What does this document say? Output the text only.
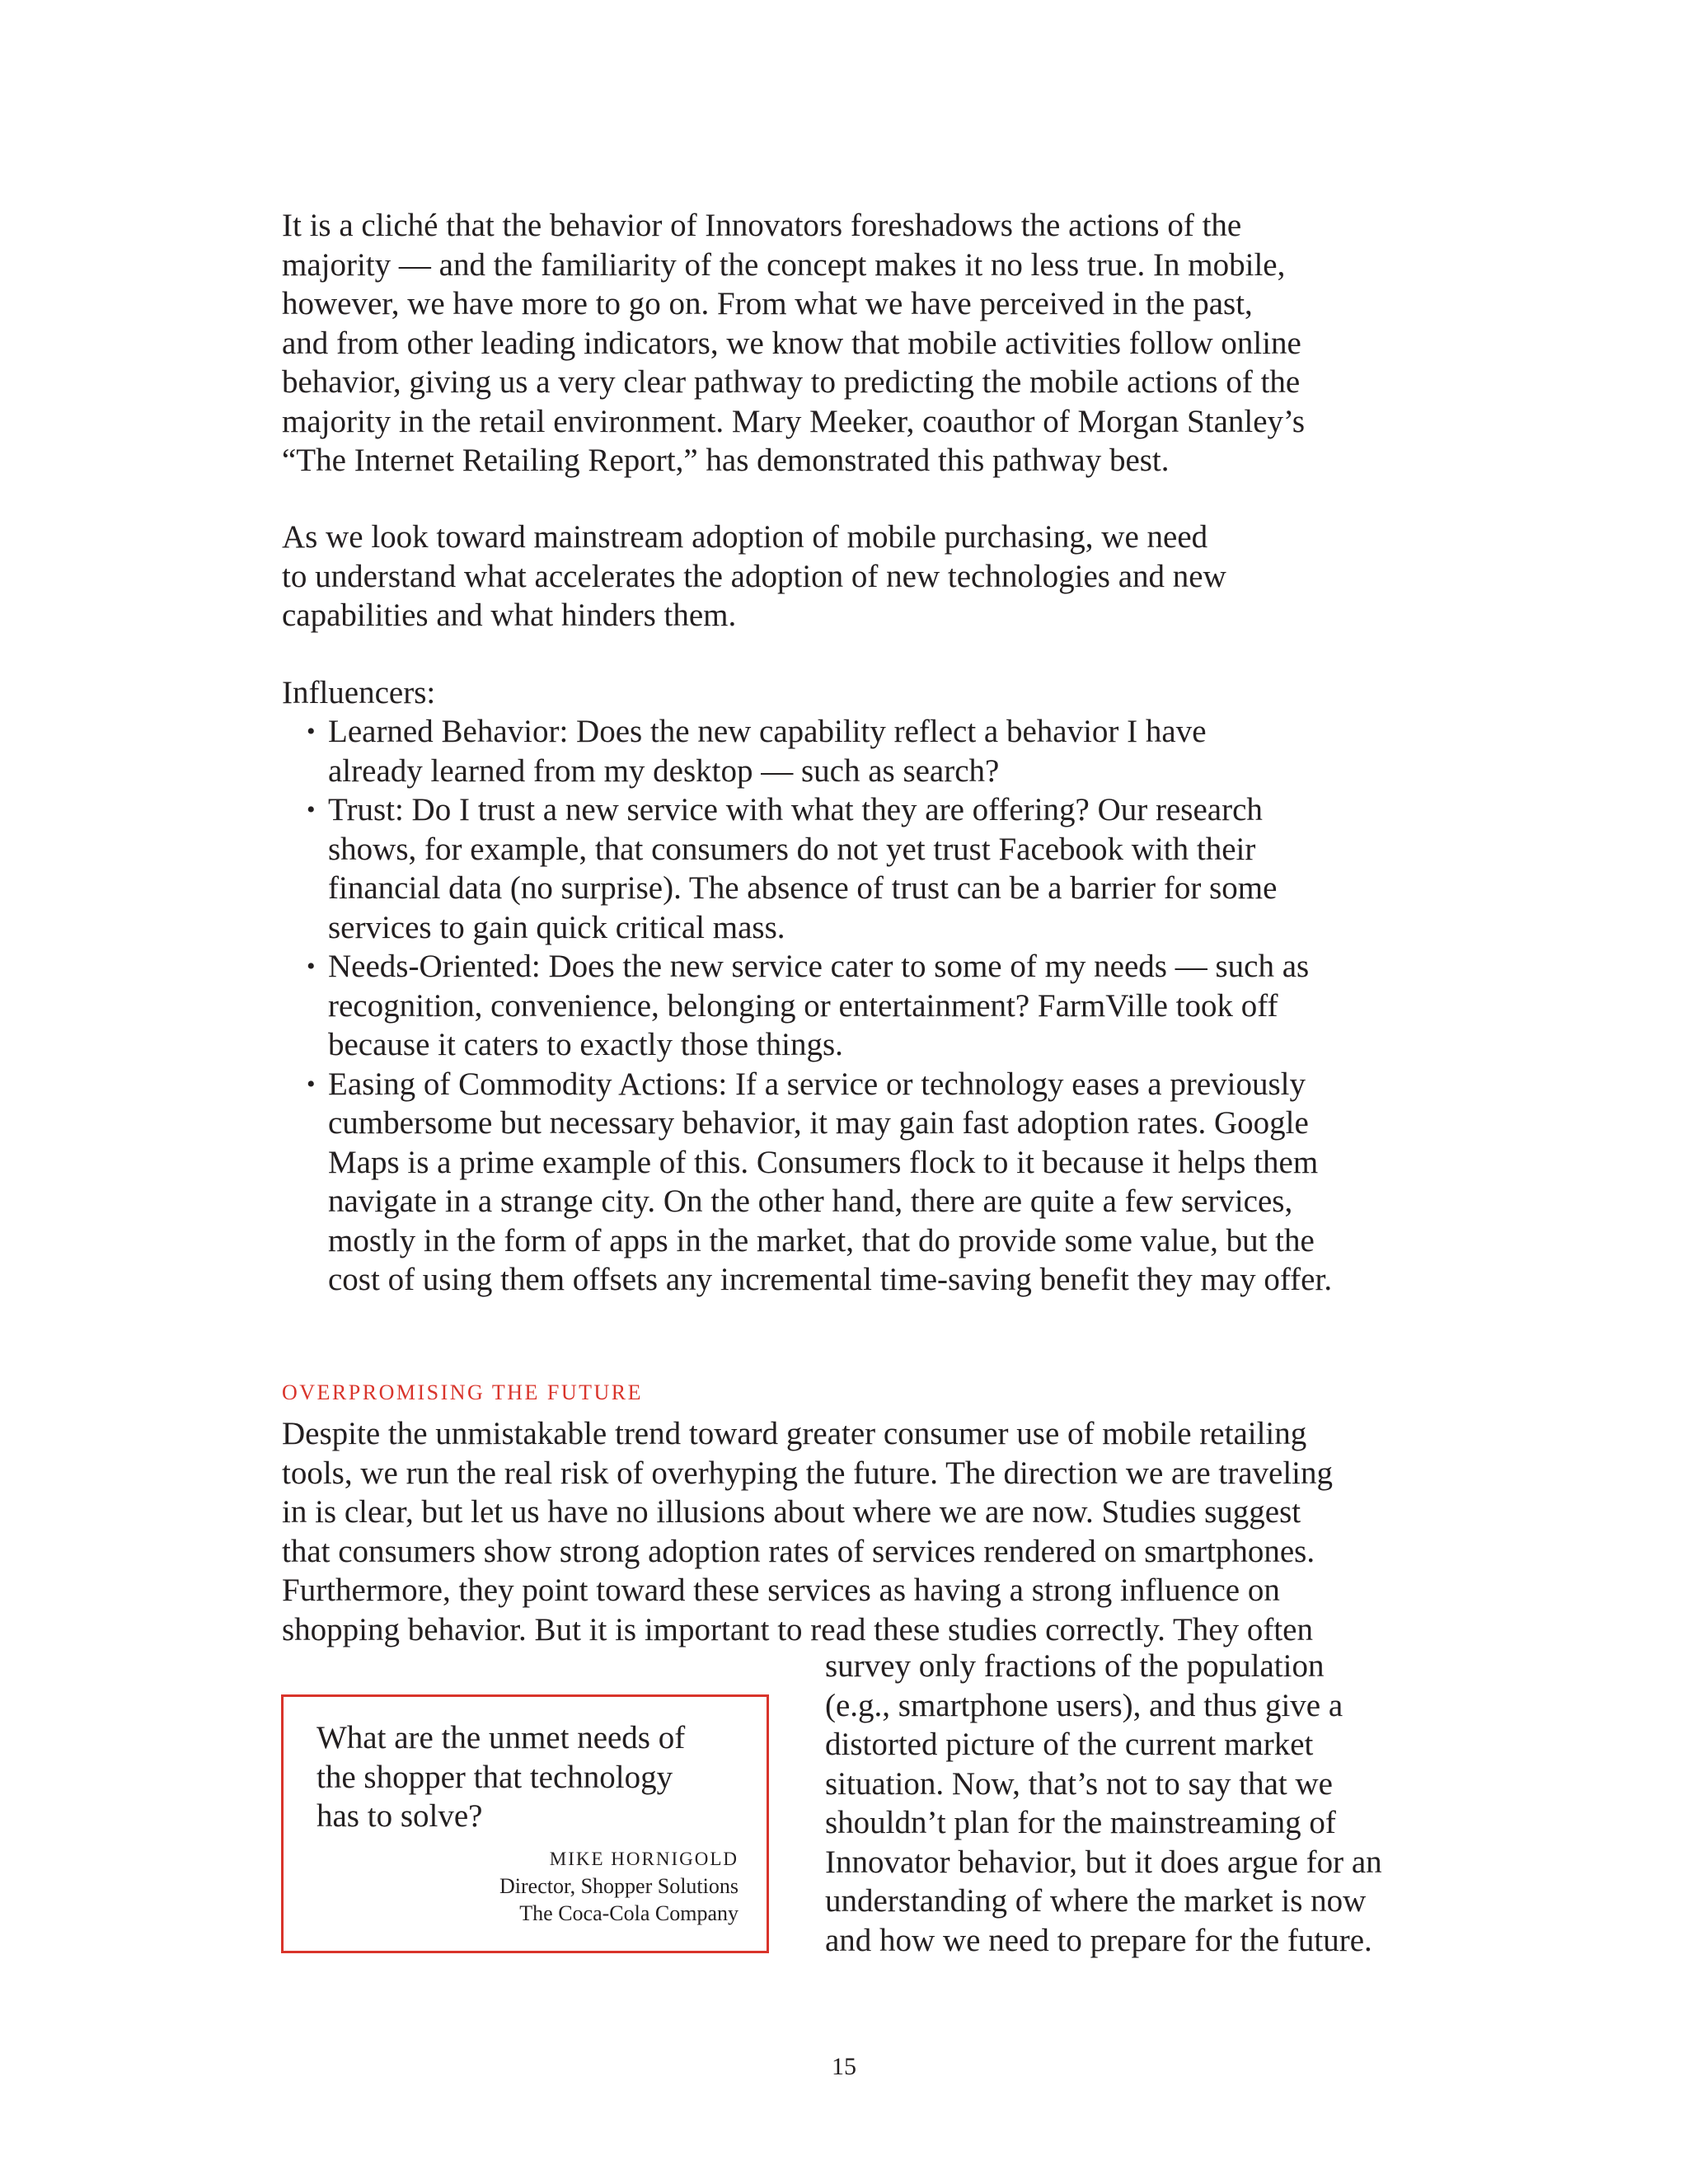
It is a cliché that the behavior of Innovators foreshadows the actions of the
majority — and the familiarity of the concept makes it no less true. In mobile,
however, we have more to go on. From what we have perceived in the past,
and from other leading indicators, we know that mobile activities follow online
behavior, giving us a very clear pathway to predicting the mobile actions of the
majority in the retail environment. Mary Meeker, coauthor of Morgan Stanley’s
“The Internet Retailing Report,” has demonstrated this pathway best.

As we look toward mainstream adoption of mobile purchasing, we need
to understand what accelerates the adoption of new technologies and new
capabilities and what hinders them.

Influencers:

• Learned Behavior: Does the new capability reflect a behavior I have
already learned from my desktop — such as search?
• Trust: Do I trust a new service with what they are offering? Our research
shows, for example, that consumers do not yet trust Facebook with their
financial data (no surprise). The absence of trust can be a barrier for some
services to gain quick critical mass.
• Needs-Oriented: Does the new service cater to some of my needs — such as
recognition, convenience, belonging or entertainment? FarmVille took off
because it caters to exactly those things.
• Easing of Commodity Actions: If a service or technology eases a previously
cumbersome but necessary behavior, it may gain fast adoption rates. Google
Maps is a prime example of this. Consumers flock to it because it helps them
navigate in a strange city. On the other hand, there are quite a few services,
mostly in the form of apps in the market, that do provide some value, but the
cost of using them offsets any incremental time-saving benefit they may offer.
OVERPROMISING THE FUTURE

Despite the unmistakable trend toward greater consumer use of mobile retailing
tools, we run the real risk of overhyping the future. The direction we are traveling
in is clear, but let us have no illusions about where we are now. Studies suggest
that consumers show strong adoption rates of services rendered on smartphones.
Furthermore, they point toward these services as having a strong influence on
shopping behavior. But it is important to read these studies correctly. They often

survey only fractions of the population
(e.g., smartphone users), and thus give a
distorted picture of the current market
situation. Now, that’s not to say that we
shouldn’t plan for the mainstreaming of
Innovator behavior, but it does argue for an
understanding of where the market is now
and how we need to prepare for the future.

What are the unmet needs of
the shopper that technology
has to solve?

MIKE HORNIGOLD
Director, Shopper Solutions
The Coca-Cola Company
15
